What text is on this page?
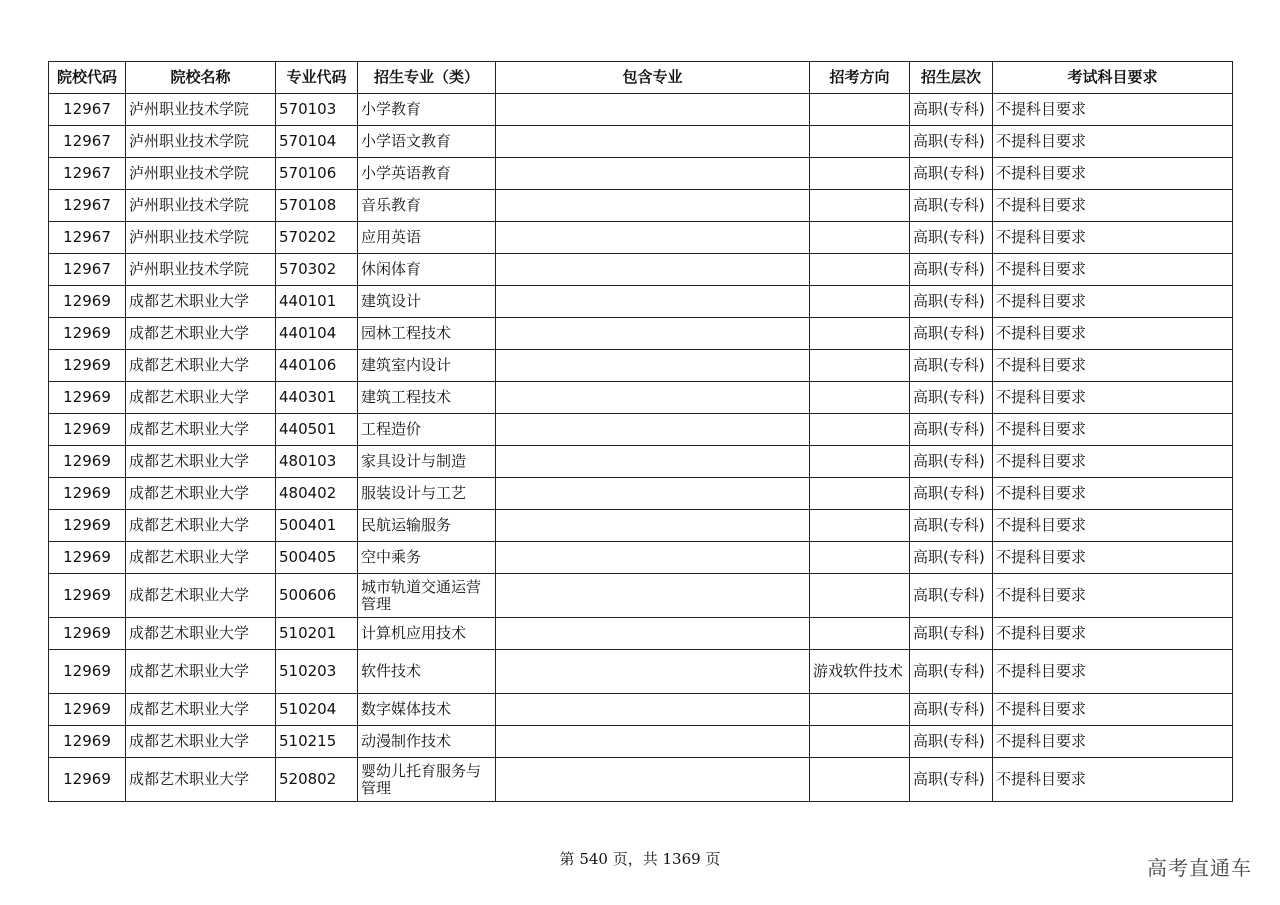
院校代码	院校名称	专业代码	招生专业（类）	包含专业	招考方向	招生层次	考试科目要求
12967	泸州职业技术学院	570103	小学教育			高职(专科)	不提科目要求
12967	泸州职业技术学院	570104	小学语文教育			高职(专科)	不提科目要求
12967	泸州职业技术学院	570106	小学英语教育			高职(专科)	不提科目要求
12967	泸州职业技术学院	570108	音乐教育			高职(专科)	不提科目要求
12967	泸州职业技术学院	570202	应用英语			高职(专科)	不提科目要求
12967	泸州职业技术学院	570302	休闲体育			高职(专科)	不提科目要求
12969	成都艺术职业大学	440101	建筑设计			高职(专科)	不提科目要求
12969	成都艺术职业大学	440104	园林工程技术			高职(专科)	不提科目要求
12969	成都艺术职业大学	440106	建筑室内设计			高职(专科)	不提科目要求
12969	成都艺术职业大学	440301	建筑工程技术			高职(专科)	不提科目要求
12969	成都艺术职业大学	440501	工程造价			高职(专科)	不提科目要求
12969	成都艺术职业大学	480103	家具设计与制造			高职(专科)	不提科目要求
12969	成都艺术职业大学	480402	服装设计与工艺			高职(专科)	不提科目要求
12969	成都艺术职业大学	500401	民航运输服务			高职(专科)	不提科目要求
12969	成都艺术职业大学	500405	空中乘务			高职(专科)	不提科目要求
12969	成都艺术职业大学	500606	城市轨道交通运营管理			高职(专科)	不提科目要求
12969	成都艺术职业大学	510201	计算机应用技术			高职(专科)	不提科目要求
12969	成都艺术职业大学	510203	软件技术		游戏软件技术	高职(专科)	不提科目要求
12969	成都艺术职业大学	510204	数字媒体技术			高职(专科)	不提科目要求
12969	成都艺术职业大学	510215	动漫制作技术			高职(专科)	不提科目要求
12969	成都艺术职业大学	520802	婴幼儿托育服务与管理			高职(专科)	不提科目要求
第 540 页，共 1369 页	高考直通车
